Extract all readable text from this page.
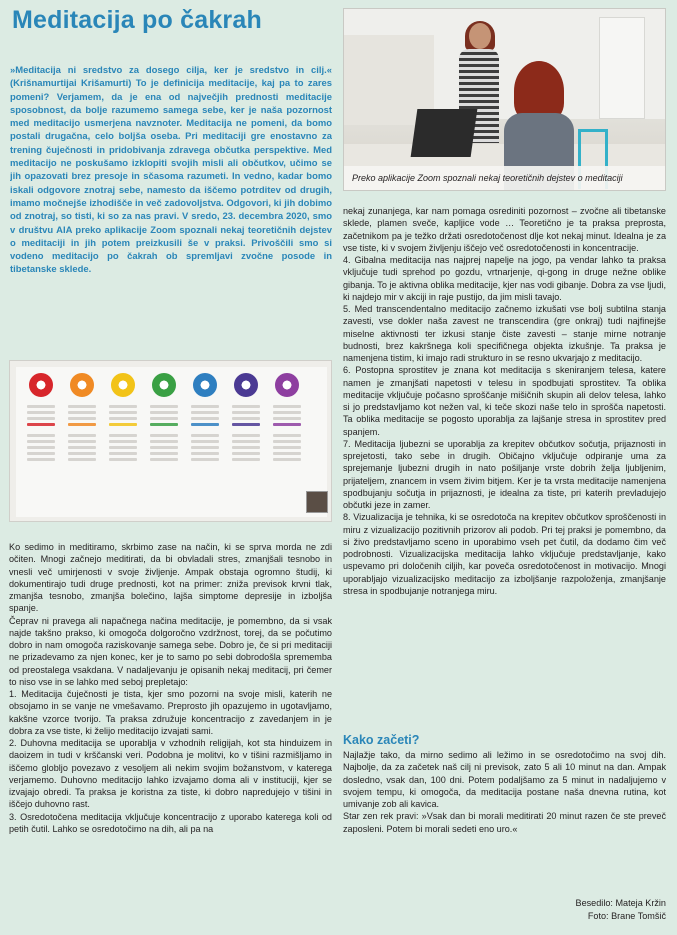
Meditacija po čakrah
»Meditacija ni sredstvo za dosego cilja, ker je sredstvo in cilj.« (Krišnamurtijai Krišamurti) To je definicija meditacije, kaj pa to zares pomeni? Verjamem, da je ena od največjih prednosti meditacije sposobnost, da bolje razumemo samega sebe, ker je naša pozornost med meditacijo usmerjena navznoter. Meditacija ne pomeni, da bomo postali drugačna, celo boljša oseba. Pri meditaciji gre enostavno za trening čuječnosti in pridobivanja zdravega občutka perspektive. Med meditacijo ne poskušamo izklopiti svojih misli ali občutkov, učimo se jih opazovati brez presoje in sčasoma razumeti. In vedno, kadar bomo iskali odgovore znotraj sebe, namesto da iščemo potrditev od drugih, imamo močnejše izhodišče in več zadovoljstva. Odgovori, ki jih dobimo od znotraj, so tisti, ki so za nas pravi. V sredo, 23. decembra 2020, smo v društvu AIA preko aplikacije Zoom spoznali nekaj teoretičnih dejstev o meditaciji in jih potem preizkusili še v praksi. Privoščili smo si vodeno meditacijo po čakrah ob spremljavi zvočne posode in tibetanske sklede.
Preko aplikacije Zoom spoznali nekaj teoretičnih dejstev o meditaciji

Ko sedimo in meditiramo, skrbimo zase na način, ki se sprva morda ne zdi očiten. Mnogi začnejo meditirati, da bi obvladali stres, zmanjšali tesnobo in vnesli več umirjenosti v svoje življenje. Ampak obstaja ogromno študij, ki dokumentirajo tudi druge prednosti, kot na primer: zniža previsok krvni tlak, zmanjša tesnobo, zmanjša bolečino, lajša simptome depresije in izboljša spanje.

Čeprav ni pravega ali napačnega načina meditacije, je pomembno, da si vsak najde takšno prakso, ki omogoča dolgoročno vzdržnost, torej, da se počutimo dobro in nam omogoča raziskovanje samega sebe. Dobro je, če si pri meditaciji ne prizadevamo za njen konec, ker je to samo po sebi dobrodošla sprememba od preostalega vsakdana. V nadaljevanju je opisanih nekaj meditacij, pri čemer to niso vse in se lahko med seboj prepletajo:

1. Meditacija čuječnosti je tista, kjer smo pozorni na svoje misli, katerih ne obsojamo in se vanje ne vmešavamo. Preprosto jih opazujemo in ugotavljamo, kakšne vzorce tvorijo. Ta praksa združuje koncentracijo z zavedanjem in je dobra za vse tiste, ki želijo meditacijo izvajati sami.

2. Duhovna meditacija se uporablja v vzhodnih religijah, kot sta hinduizem in daoizem in tudi v krščanski veri. Podobna je molitvi, ko v tišini razmišljamo in iščemo globljo povezavo z vesoljem ali nekim svojim božanstvom, v katerega verjamemo. Duhovno meditacijo lahko izvajamo doma ali v instituciji, kjer se izvajajo obredi. Ta praksa je koristna za tiste, ki dobro napredujejo v tišini in iščejo duhovno rast.

3. Osredotočena meditacija vključuje koncentracijo z uporabo katerega koli od petih čutil. Lahko se osredotočimo na dih, ali pa na

nekaj zunanjega, kar nam pomaga osrediniti pozornost – zvočne ali tibetanske sklede, plamen sveče, kapljice vode … Teoretično je ta praksa preprosta, začetnikom pa je težko držati osredotočenost dlje kot nekaj minut. Idealna je za vse tiste, ki v svojem življenju iščejo več osredotočenosti in koncentracije.

4. Gibalna meditacija nas najprej napelje na jogo, pa vendar lahko ta praksa vključuje tudi sprehod po gozdu, vrtnarjenje, qi-gong in druge nežne oblike gibanja. To je aktivna oblika meditacije, kjer nas vodi gibanje. Dobra za vse ljudi, ki najdejo mir v akciji in raje pustijo, da jim misli tavajo.

5. Med transcendentalno meditacijo začnemo izkušati vse bolj subtilna stanja zavesti, vse dokler naša zavest ne transcendira (gre onkraj) tudi najfinejše miselne aktivnosti ter izkusi stanje čiste zavesti – stanje mirne notranje budnosti, brez kakršnega koli specifičnega objekta izkušnje. Ta praksa je namenjena tistim, ki imajo radi strukturo in se resno ukvarjajo z meditacijo.

6. Postopna sprostitev je znana kot meditacija s skeniranjem telesa, katere namen je zmanjšati napetosti v telesu in spodbujati sprostitev. Ta oblika meditacije vključuje počasno sproščanje mišičnih skupin ali delov telesa, lahko si jo predstavljamo kot nežen val, ki teče skozi naše telo in sprošča napetosti. Ta oblika meditacije se pogosto uporablja za lajšanje stresa in sprostitev pred spanjem.

7. Meditacija ljubezni se uporablja za krepitev občutkov sočutja, prijaznosti in sprejetosti, tako sebe in drugih. Običajno vključuje odpiranje uma za sprejemanje ljubezni drugih in nato pošiljanje vrste dobrih želja ljubljenim, prijateljem, znancem in vsem živim bitjem. Ker je ta vrsta meditacije namenjena spodbujanju sočutja in prijaznosti, je idealna za tiste, pri katerih prevladujejo občutki jeze in zamer.

8. Vizualizacija je tehnika, ki se osredotoča na krepitev občutkov sproščenosti in miru z vizualizacijo pozitivnih prizorov ali podob. Pri tej praksi je pomembno, da si živo predstavljamo sceno in uporabimo vseh pet čutil, da dodamo čim več podrobnosti. Vizualizacijska meditacija lahko vključuje predstavljanje, kako uspevamo pri določenih ciljih, kar poveča osredotočenost in motivacijo. Mnogi uporabljajo vizualizacijsko meditacijo za izboljšanje razpoloženja, zmanjšanje stresa in spodbujanje notranjega miru.

Kako začeti?

Najlažje tako, da mirno sedimo ali ležimo in se osredotočimo na svoj dih. Najbolje, da za začetek naš cilj ni previsok, zato 5 ali 10 minut na dan. Ampak dosledno, vsak dan, 100 dni. Potem podaljšamo za 5 minut in nadaljujemo v svojem tempu, ki omogoča, da meditacija postane naša dnevna rutina, kot umivanje zob ali kavica.

Star zen rek pravi: »Vsak dan bi morali meditirati 20 minut razen če ste preveč zaposleni. Potem bi morali sedeti eno uro.«

Besedilo: Mateja Kržin
Foto: Brane Tomšič
